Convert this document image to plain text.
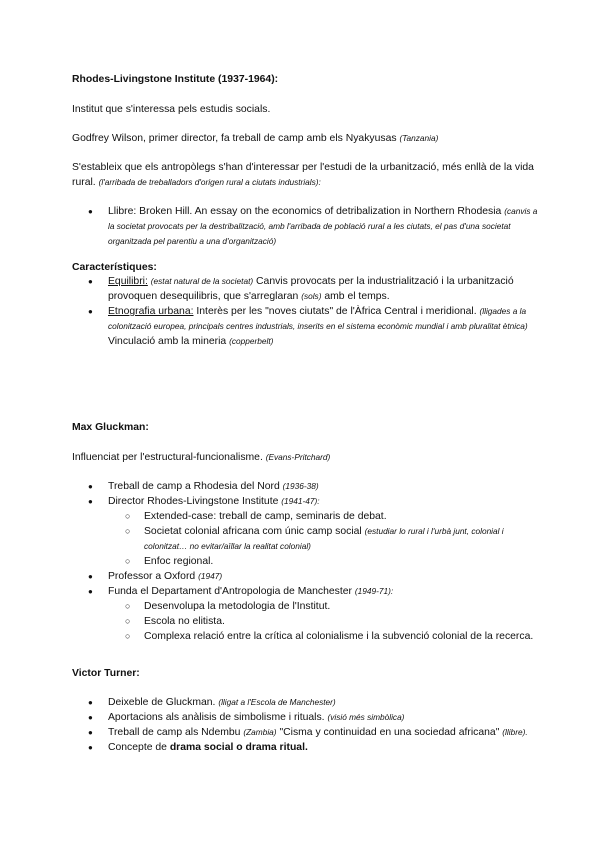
Rhodes-Livingstone Institute (1937-1964):
Institut que s'interessa pels estudis socials.
Godfrey Wilson, primer director, fa treball de camp amb els Nyakyusas (Tanzania)
S'estableix que els antropòlegs s'han d'interessar per l'estudi de la urbanització, més enllà de la vida rural. (l'arribada de treballadors d'origen rural a ciutats industrials):
● Llibre: Broken Hill. An essay on the economics of detribalization in Northern Rhodesia (canvis a la societat provocats per la destribalització, amb l'arribada de població rural a les ciutats, el pas d'una societat organitzada pel parentiu a una d'organització)
Característiques:
● Equilibri: (estat natural de la societat) Canvis provocats per la industrialització i la urbanització provoquen desequilibris, que s'arreglaran (sols) amb el temps.
● Etnografia urbana: Interès per les "noves ciutats" de l'Àfrica Central i meridional. (lligades a la colonització europea, principals centres industrials, inserits en el sistema econòmic mundial i amb pluralitat ètnica) Vinculació amb la mineria (copperbelt)
Max Gluckman:
Influenciat per l'estructural-funcionalisme. (Evans-Pritchard)
● Treball de camp a Rhodesia del Nord (1936-38)
● Director Rhodes-Livingstone Institute (1941-47):
○ Extended-case: treball de camp, seminaris de debat.
○ Societat colonial africana com únic camp social (estudiar lo rural i l'urbà junt, colonial i colonitzat… no evitar/aïllar la realitat colonial)
○ Enfoc regional.
● Professor a Oxford (1947)
● Funda el Departament d'Antropologia de Manchester (1949-71):
○ Desenvolupa la metodologia de l'Institut.
○ Escola no elitista.
○ Complexa relació entre la crítica al colonialisme i la subvenció colonial de la recerca.
Victor Turner:
● Deixeble de Gluckman. (lligat a l'Escola de Manchester)
● Aportacions als anàlisis de simbolisme i rituals. (visió més simbòlica)
● Treball de camp als Ndembu (Zambia) "Cisma y continuidad en una sociedad africana" (llibre).
● Concepte de drama social o drama ritual.
